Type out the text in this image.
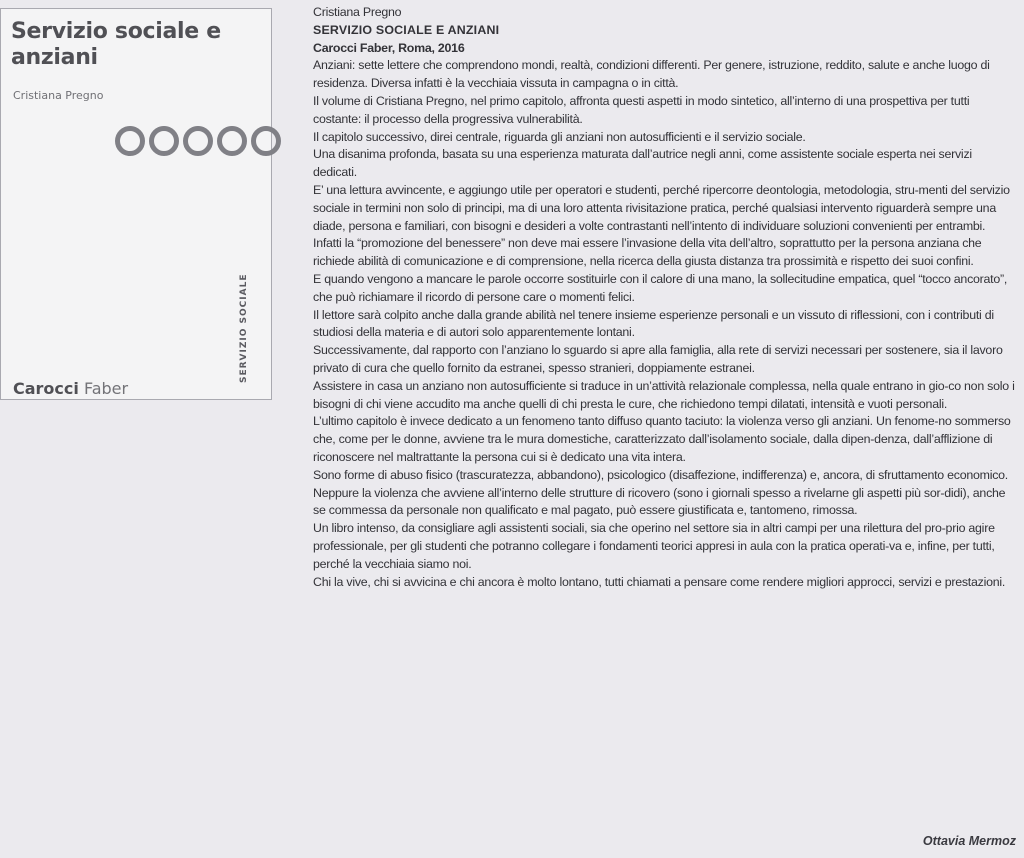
Servizio sociale e anziani
Cristiana Pregno
SERVIZIO SOCIALE
Carocci Faber
Cristiana Pregno
SERVIZIO SOCIALE E ANZIANI
Carocci Faber, Roma, 2016

Anziani: sette lettere che comprendono mondi, realtà, condizioni differenti. Per genere, istruzione, reddito, salute e anche luogo di residenza. Diversa infatti è la vecchiaia vissuta in campagna o in città.

Il volume di Cristiana Pregno, nel primo capitolo, affronta questi aspetti in modo sintetico, all’interno di una prospettiva per tutti costante: il processo della progressiva vulnerabilità.

Il capitolo successivo, direi centrale, riguarda gli anziani non autosufficienti e il servizio sociale.

Una disanima profonda, basata su una esperienza maturata dall’autrice negli anni, come assistente sociale esperta nei servizi dedicati.

E’ una lettura avvincente, e aggiungo utile per operatori e studenti, perché ripercorre deontologia, metodologia, stru-menti del servizio sociale in termini non solo di principi, ma di una loro attenta rivisitazione pratica, perché qualsiasi intervento riguarderà sempre una diade, persona e familiari, con bisogni e desideri a volte contrastanti nell’intento di individuare soluzioni convenienti per entrambi.

Infatti la “promozione del benessere” non deve mai essere l’invasione della vita dell’altro, soprattutto per la persona anziana che richiede abilità di comunicazione e di comprensione, nella ricerca della giusta distanza tra prossimità e rispetto dei suoi confini.

E quando vengono a mancare le parole occorre sostituirle con il calore di una mano, la sollecitudine empatica, quel “tocco ancorato”, che può richiamare il ricordo di persone care o momenti felici.

Il lettore sarà colpito anche dalla grande abilità nel tenere insieme esperienze personali e un vissuto di riflessioni, con i contributi di studiosi della materia e di autori solo apparentemente lontani.

Successivamente, dal rapporto con l’anziano lo sguardo si apre alla famiglia, alla rete di servizi necessari per sostenere, sia il lavoro privato di cura che quello fornito da estranei, spesso stranieri, doppiamente estranei.

Assistere in casa un anziano non autosufficiente si traduce in un’attività relazionale complessa, nella quale entrano in gio-co non solo i bisogni di chi viene accudito ma anche quelli di chi presta le cure, che richiedono tempi dilatati, intensità e vuoti personali.

L’ultimo capitolo è invece dedicato a un fenomeno tanto diffuso quanto taciuto: la violenza verso gli anziani. Un fenome-no sommerso che, come per le donne, avviene tra le mura domestiche, caratterizzato dall’isolamento sociale, dalla dipen-denza, dall’afflizione di riconoscere nel maltrattante la persona cui si è dedicato una vita intera.

Sono forme di abuso fisico (trascuratezza, abbandono), psicologico (disaffezione, indifferenza) e, ancora, di sfruttamento economico.

Neppure la violenza che avviene all’interno delle strutture di ricovero (sono i giornali spesso a rivelarne gli aspetti più sor-didi), anche se commessa da personale non qualificato e mal pagato, può essere giustificata e, tantomeno, rimossa.

Un libro intenso, da consigliare agli assistenti sociali, sia che operino nel settore sia in altri campi per una rilettura del pro-prio agire professionale, per gli studenti che potranno collegare i fondamenti teorici appresi in aula con la pratica operati-va e, infine, per tutti, perché la vecchiaia siamo noi.

Chi la vive, chi si avvicina e chi ancora è molto lontano, tutti chiamati a pensare come rendere migliori approcci, servizi e prestazioni.

Ottavia Mermoz
